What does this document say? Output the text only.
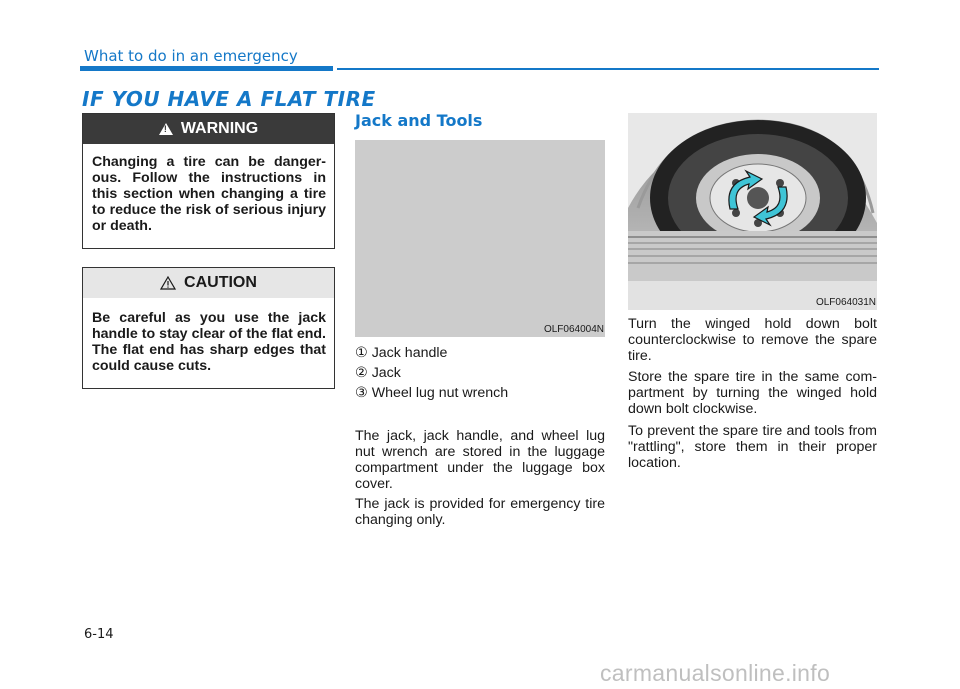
What to do in an emergency
IF YOU HAVE A FLAT TIRE
!
WARNING
Changing a tire can be danger-ous. Follow the instructions in this section when changing a tire to reduce the risk of serious injury or death.
CAUTION
Be careful as you use the jack handle to stay clear of the flat end. The flat end has sharp edges that could cause cuts.
Jack and Tools
OLF064004N
① Jack handle
② Jack
③ Wheel lug nut wrench
The jack, jack handle, and wheel lug nut wrench are stored in the luggage compartment under the luggage box cover.
The jack is provided for emergency tire changing only.
OLF064031N
Turn the winged hold down bolt counterclockwise to remove the spare tire.
Store the spare tire in the same com-partment by turning the winged hold down bolt clockwise.
To prevent the spare tire and tools from "rattling", store them in their proper location.
6-14
carmanualsonline.info
